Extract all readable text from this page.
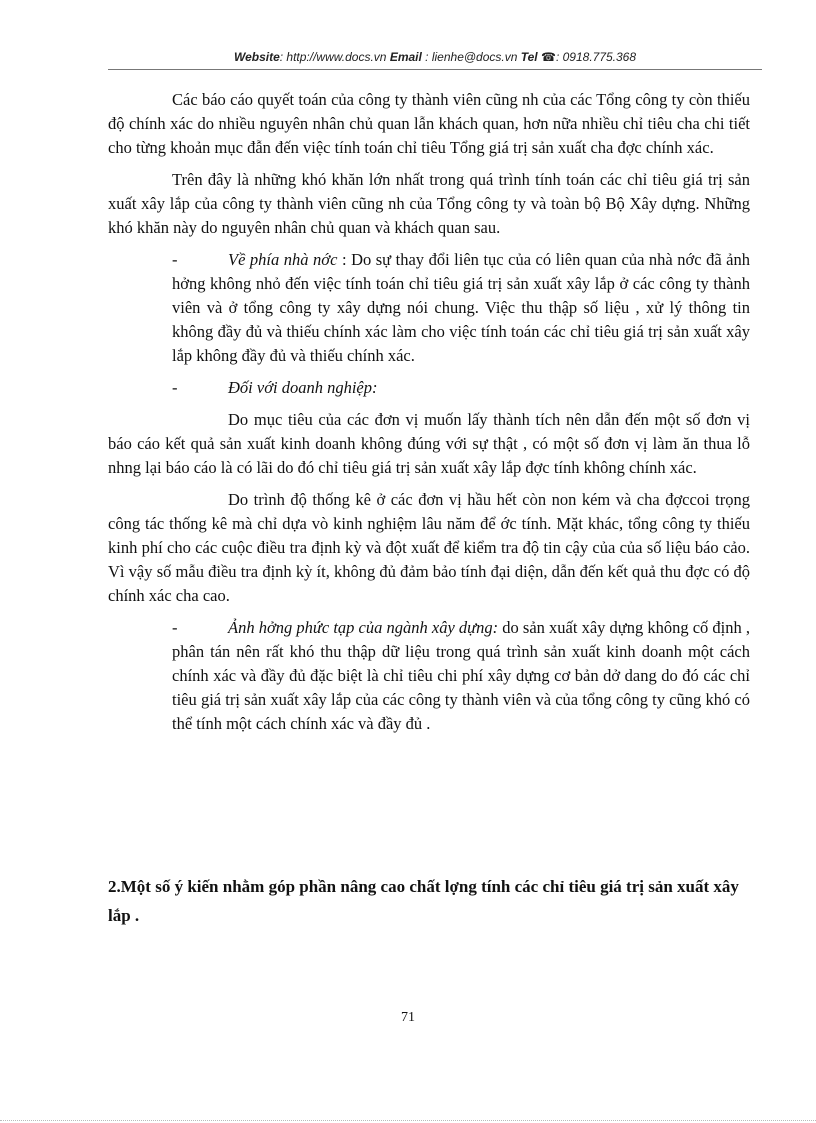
Website: http://www.docs.vn Email : lienhe@docs.vn Tel ☎: 0918.775.368

Các báo cáo quyết toán của công ty thành viên cũng nh của các Tổng công ty còn thiếu độ chính xác do nhiều nguyên nhân chủ quan lẫn khách quan, hơn nữa nhiều chỉ tiêu cha chi tiết cho từng khoản mục đẫn đến việc tính toán chỉ tiêu Tổng giá trị sản xuất cha đợc chính xác.

Trên đây là những khó khăn lớn nhất trong quá trình tính toán các chỉ tiêu giá trị sản xuất xây lắp của công ty thành viên cũng nh của Tổng công ty và toàn bộ Bộ Xây dựng. Những khó khăn này do nguyên nhân chủ quan và khách quan sau.

-	Về phía nhà nớc : Do sự thay đổi liên tục của có liên quan của nhà nớc đã ảnh hởng không nhỏ đến việc tính toán chỉ tiêu giá trị sản xuất xây lắp ở các công ty thành viên và ở tổng công ty xây dựng nói chung. Việc thu thập số liệu , xử lý thông tin không đầy đủ và thiếu chính xác làm cho việc tính toán các chỉ tiêu giá trị sản xuất xây lắp không đầy đủ và thiếu chính xác.

-	Đối với doanh nghiệp:

Do mục tiêu của các đơn vị muốn lấy thành tích nên dẫn đến một số đơn vị báo cáo kết quả sản xuất kinh doanh không đúng với sự thật , có một số đơn vị làm ăn thua lỗ nhng lại báo cáo là có lãi do đó chỉ tiêu giá trị sản xuất xây lắp đợc tính không chính xác.

Do trình độ thống kê ở các đơn vị hầu hết còn non kém và cha đợccoi trọng công tác thống kê mà chỉ dựa vò kinh nghiệm lâu năm để ớc tính. Mặt khác, tổng công ty thiếu kinh phí cho các cuộc điều tra định kỳ và đột xuất để kiểm tra độ tin cậy của của số liệu báo cảo. Vì vậy số mẫu điều tra định kỳ ít, không đủ đảm bảo tính đại diện, dẫn đến kết quả thu đợc có độ chính xác cha cao.

-	Ảnh hởng phức tạp của ngành xây dựng: do sản xuất xây dựng không cố định , phân tán nên rất khó thu thập dữ liệu trong quá trình sản xuất kinh doanh một cách chính xác và đầy đủ đặc biệt là chỉ tiêu chi phí xây dựng cơ bản dở dang do đó các chỉ tiêu giá trị sản xuất xây lắp của các công ty thành viên và của tổng công ty cũng khó có thể tính một cách chính xác và đầy đủ .

2.Một số ý kiến nhằm góp phần nâng cao chất lợng tính các chỉ tiêu giá trị sản xuất xây lắp .
71
